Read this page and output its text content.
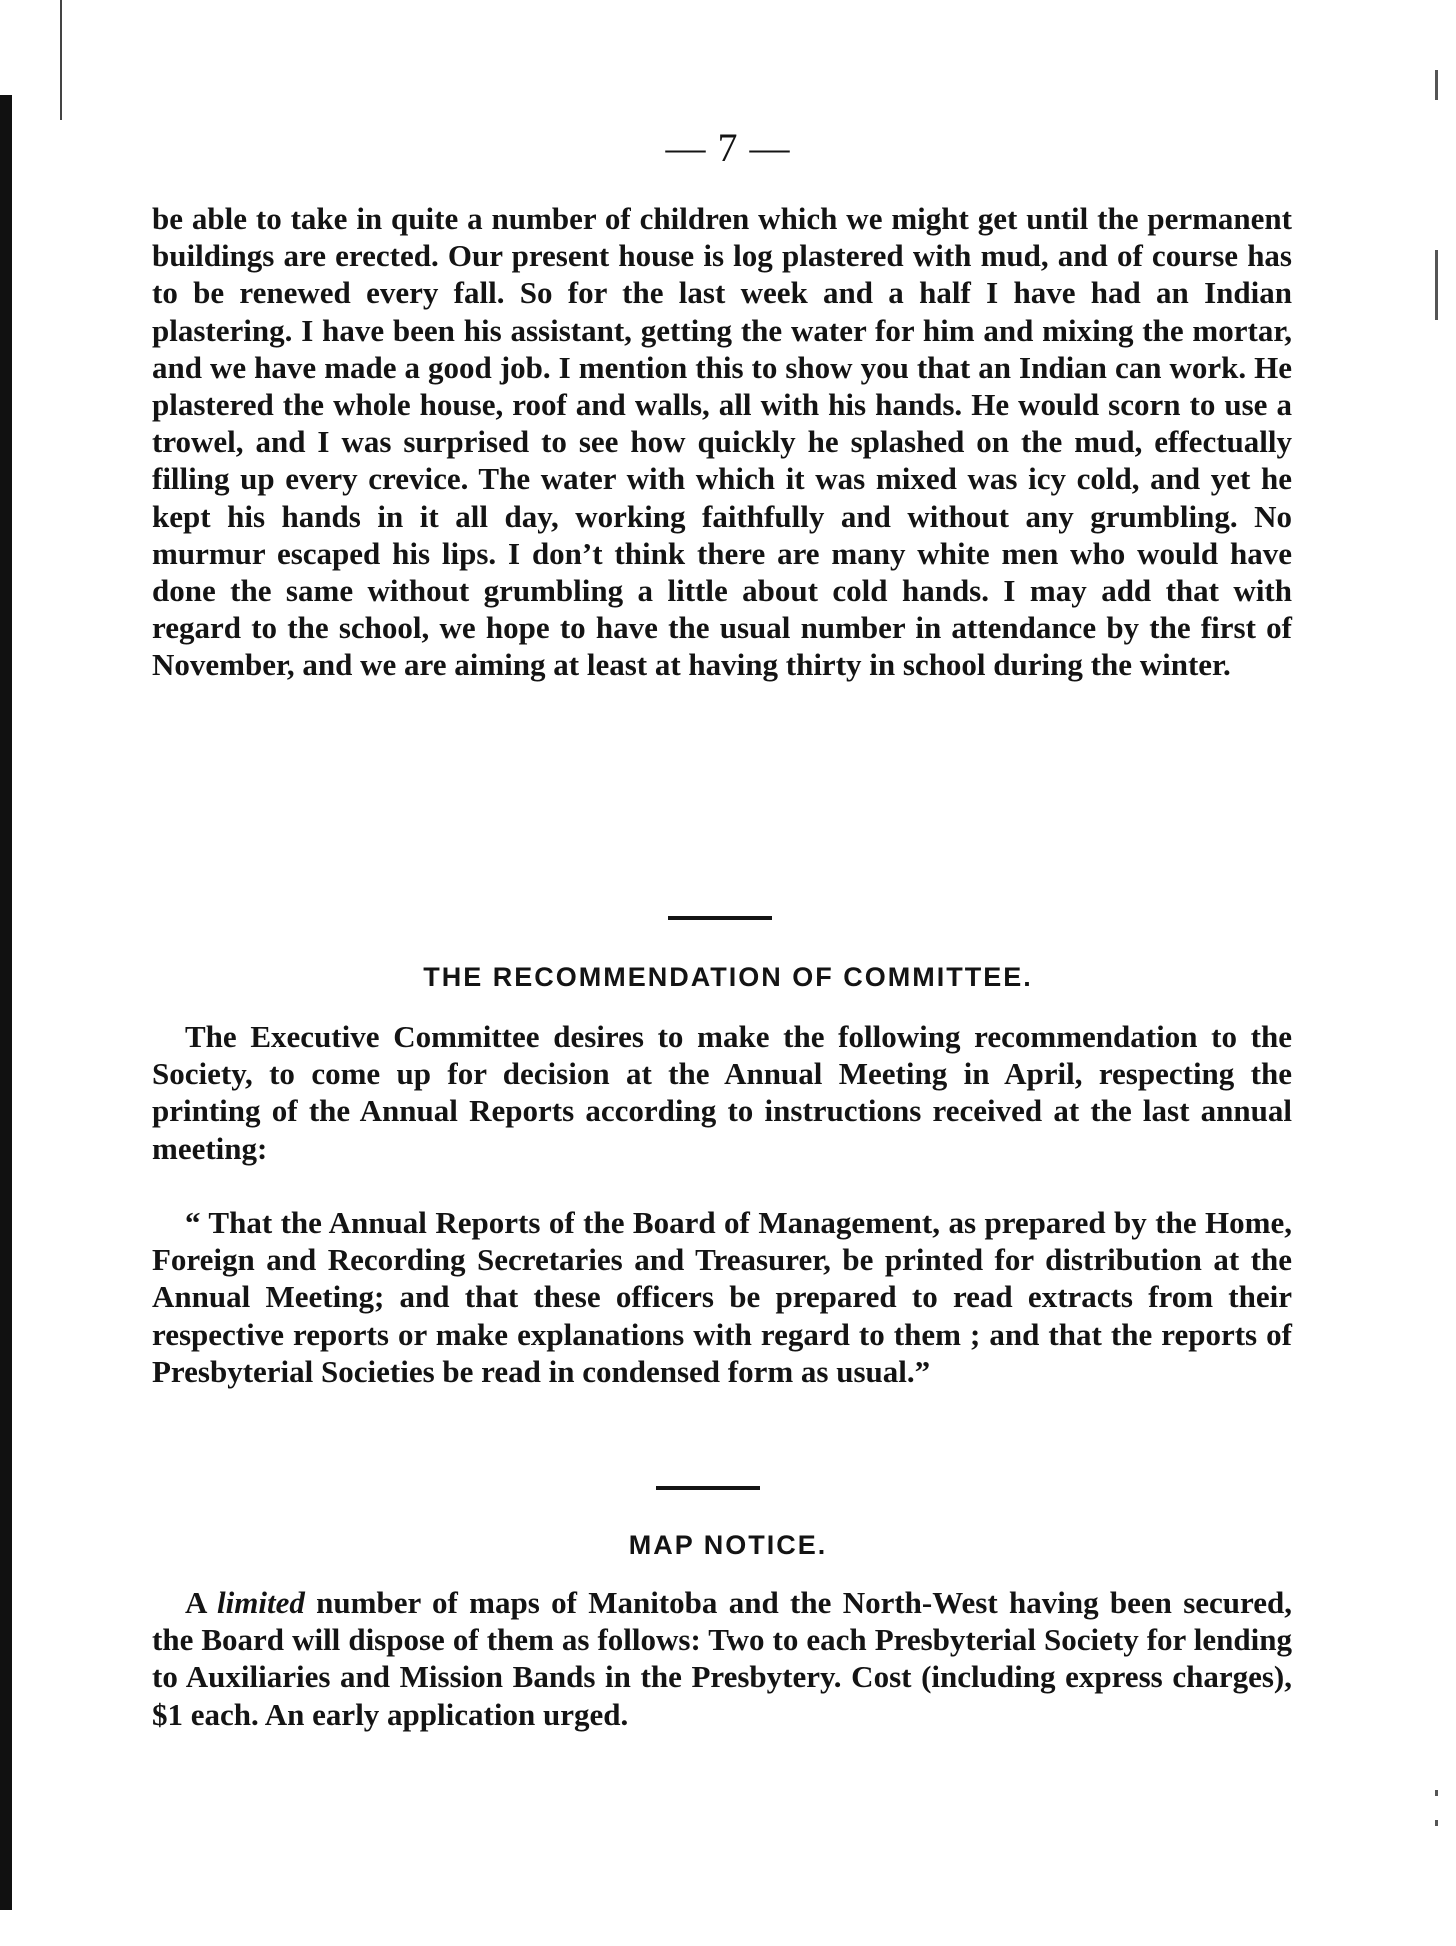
— 7 —

be able to take in quite a number of children which we might get until the permanent buildings are erected. Our present house is log plastered with mud, and of course has to be renewed every fall. So for the last week and a half I have had an Indian plastering. I have been his assistant, getting the water for him and mixing the mortar, and we have made a good job. I mention this to show you that an Indian can work. He plastered the whole house, roof and walls, all with his hands. He would scorn to use a trowel, and I was surprised to see how quickly he splashed on the mud, effectually filling up every crevice. The water with which it was mixed was icy cold, and yet he kept his hands in it all day, working faithfully and without any grumbling. No murmur escaped his lips. I don’t think there are many white men who would have done the same without grumbling a little about cold hands. I may add that with regard to the school, we hope to have the usual number in attendance by the first of November, and we are aiming at least at having thirty in school during the winter.

THE RECOMMENDATION OF COMMITTEE.

The Executive Committee desires to make the following recommendation to the Society, to come up for decision at the Annual Meeting in April, respecting the printing of the Annual Reports according to instructions received at the last annual meeting:

“ That the Annual Reports of the Board of Management, as prepared by the Home, Foreign and Recording Secretaries and Treasurer, be printed for distribution at the Annual Meeting; and that these officers be prepared to read extracts from their respective reports or make explanations with regard to them ; and that the reports of Presbyterial Societies be read in condensed form as usual.”

MAP NOTICE.

A limited number of maps of Manitoba and the North-West having been secured, the Board will dispose of them as follows: Two to each Presbyterial Society for lending to Auxiliaries and Mission Bands in the Presbytery. Cost (including express charges), $1 each. An early application urged.
